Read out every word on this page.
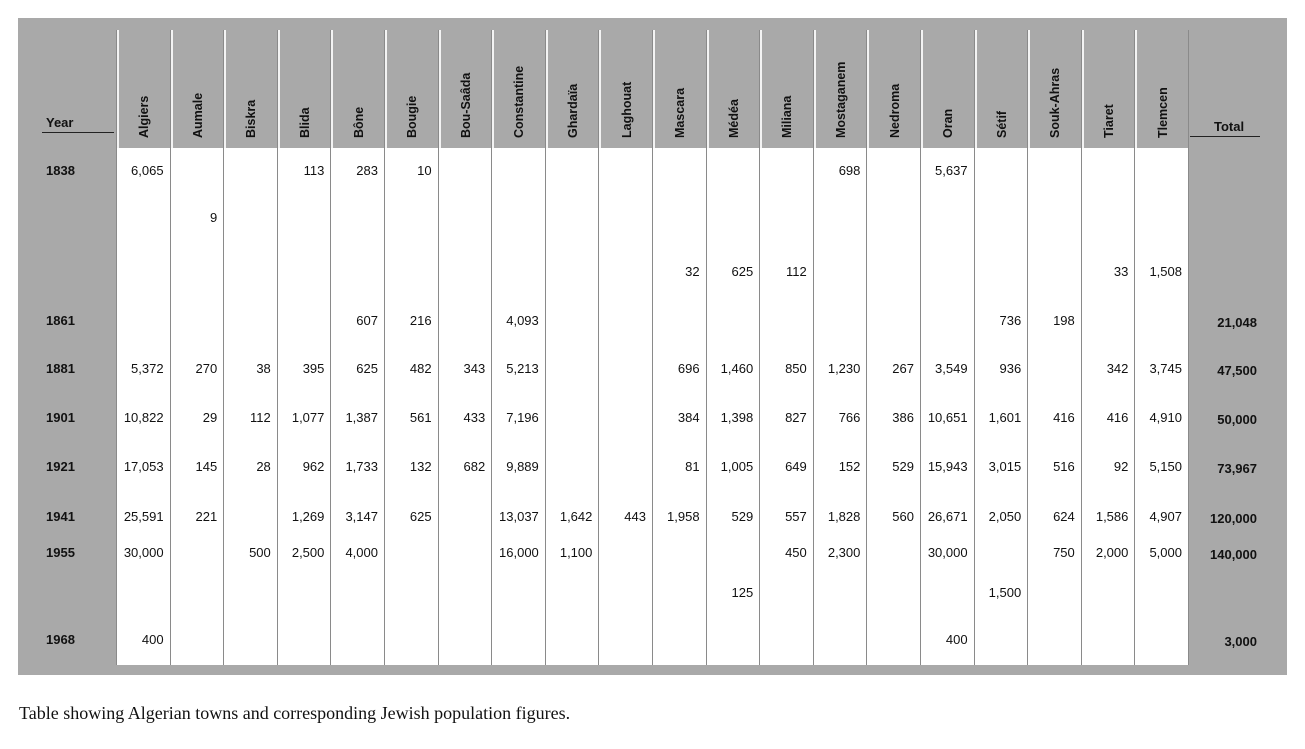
Year	Total
Algiers
6,065
5,372
10,822
17,053
25,591
30,000
400
Aumale
9
270
29
145
221
Biskra
38
112
28
500
Blida
113
395
1,077
962
1,269
2,500
Bône
283
607
625
1,387
1,733
3,147
4,000
Bougie
10
216
482
561
132
625
Bou-Saâda
343
433
682
Constantine
4,093
5,213
7,196
9,889
13,037
16,000
Ghardaïa
1,642
1,100
Laghouat
443
Mascara
32
696
384
81
1,958
Médéa
625
1,460
1,398
1,005
529
125
Miliana
112
850
827
649
557
450
Mostaganem
698
1,230
766
152
1,828
2,300
Nedroma
267
386
529
560
Oran
5,637
3,549
10,651
15,943
26,671
30,000
400
Sétif
736
936
1,601
3,015
2,050
1,500
Souk-Ahras
198
416
516
624
750
Tiaret
33
342
416
92
1,586
2,000
Tlemcen
1,508
3,745
4,910
5,150
4,907
5,000
1838
1861
1881
1901
1921
1941
1955
1968
21,048
47,500
50,000
73,967
120,000
140,000
3,000
Table showing Algerian towns and corresponding Jewish population figures.
